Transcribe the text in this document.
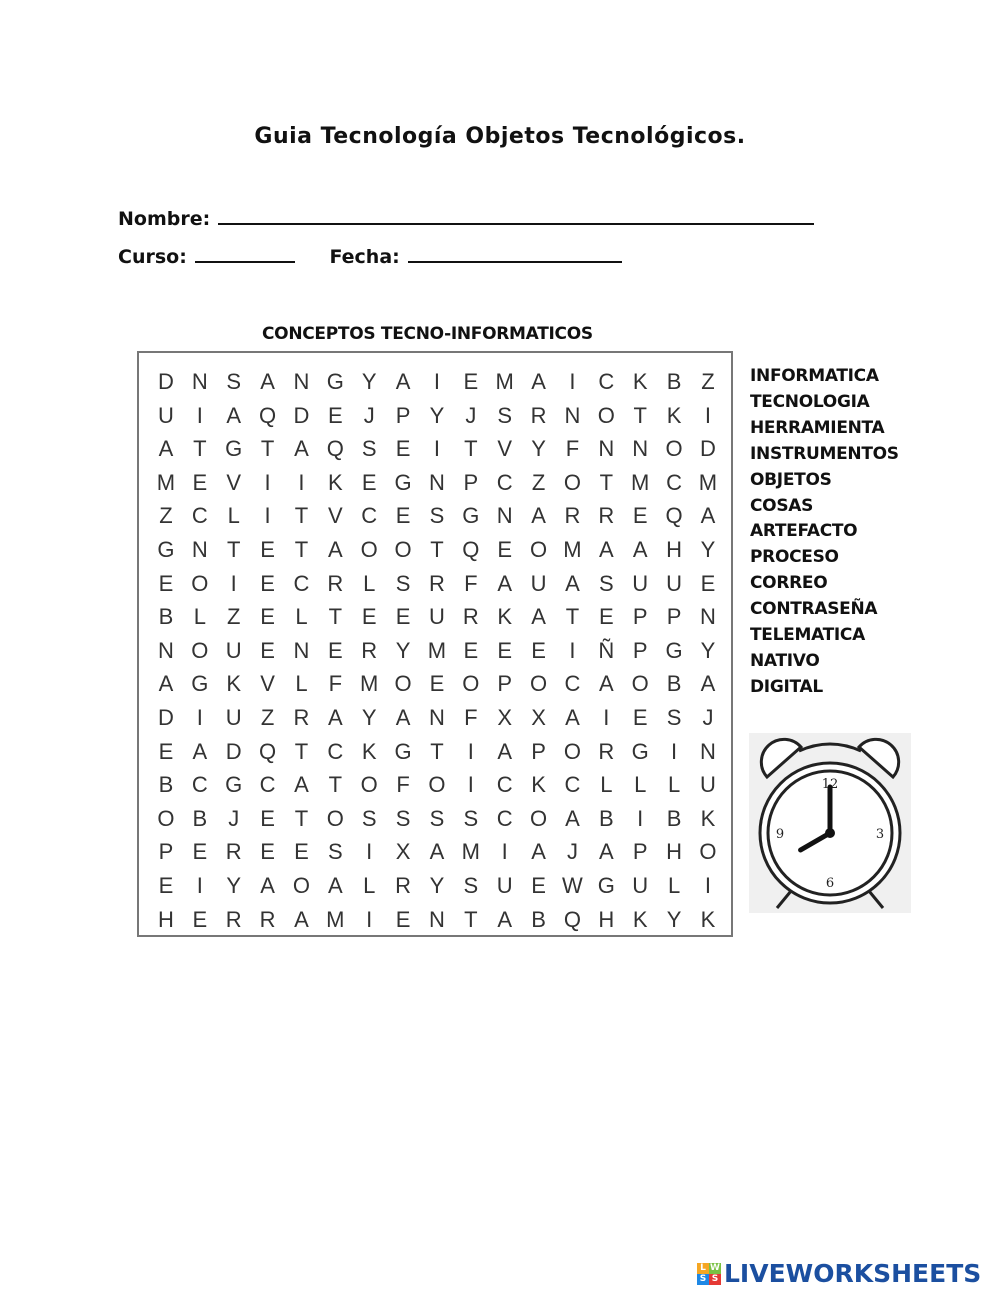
Guia Tecnología Objetos Tecnológicos.
Nombre:
Curso:	Fecha:
CONCEPTOS TECNO-INFORMATICOS
D N S A N G Y A	I	E M A	I	C K B Z
U	I	A Q D E J P Y J S R N O T K	I
A T G T A Q S E	I	T V Y F N N O D
M E V	I	I	K E G N P C Z O T M C M
Z C L	I	T V C E S G N A R R E Q A
G N T E T A O O T Q E O M A A H Y
E O	I	E C R L S R F A U A S U U E
B L Z E L T E E U R K A T E P P N
N O U E N E R Y M E E E	I	Ñ P G Y
A G K V L F M O E O P O C A O B A
D	I	U Z R A Y A N F X X A	I	E S J
E A D Q T C K G T	I	A P O R G	I	N
B C G C A T O F O	I	C K C L L L U
O B J E T O S S S S C O A B	I	B K
P E R E E S	I	X A M I	A J A P H O
E	I	Y A O A L R Y S U E W G U L	I
H E R R A M I	E N T A B Q H K Y K
INFORMATICA
TECNOLOGIA
HERRAMIENTA
INSTRUMENTOS
OBJETOS
COSAS
ARTEFACTO
PROCESO
CORREO
CONTRASEÑA
TELEMATICA
NATIVO
DIGITAL
12
3
6
9
L W
S S LIVEWORKSHEETS
